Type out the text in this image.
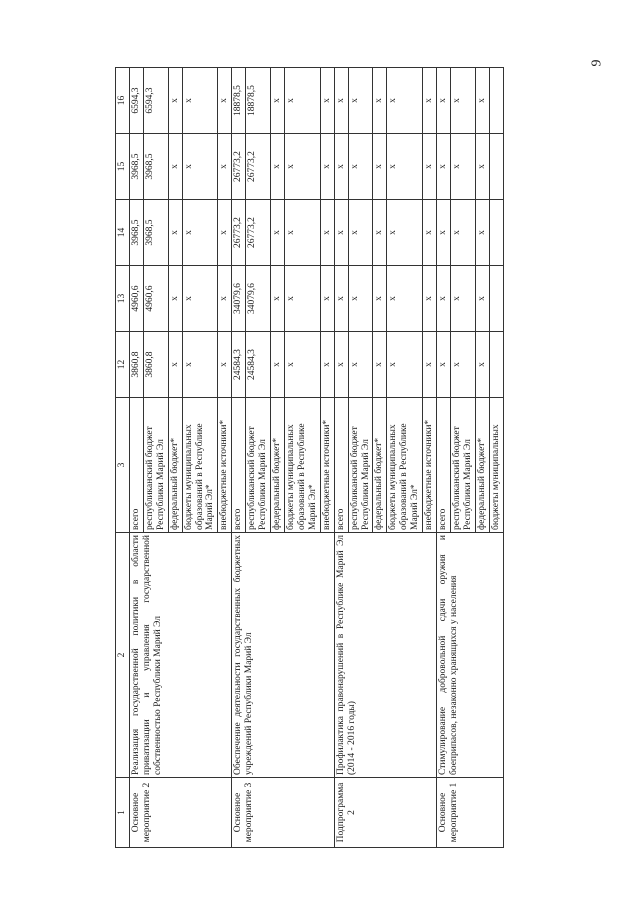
9
1	2	3	12	13	14	15	16
Основное мероприятие 2	Реализация государственной политики в области приватизации и управления государственной собственностью Республики Марий Эл	всего	3860,8	4960,6	3968,5	3968,5	6594,3
		республиканский бюджет Республики Марий Эл	3860,8	4960,6	3968,5	3968,5	6594,3
		федеральный бюджет*	x	x	x	x	x
		бюджеты муниципальных образований в Республике Марий Эл*	x	x	x	x	x
		внебюджетные источники*	x	x	x	x	x
Основное мероприятие 3	Обеспечение деятельности государственных бюджетных учреждений Республики Марий Эл	всего	24584,3	34079,6	26773,2	26773,2	18878,5
		республиканский бюджет Республики Марий Эл	24584,3	34079,6	26773,2	26773,2	18878,5
		федеральный бюджет*	x	x	x	x	x
		бюджеты муниципальных образований в Республике Марий Эл*	x	x	x	x	x
		внебюджетные источники*	x	x	x	x	x
Подпрограмма 2	Профилактика правонарушений в Республике Марий Эл (2014 - 2016 годы)	всего	x	x	x	x	x
		республиканский бюджет Республики Марий Эл	x	x	x	x	x
		федеральный бюджет*	x	x	x	x	x
		бюджеты муниципальных образований в Республике Марий Эл*	x	x	x	x	x
		внебюджетные источники*	x	x	x	x	x
Основное мероприятие 1	Стимулирование добровольной сдачи оружия и боеприпасов, незаконно хранящихся у населения	всего	x	x	x	x	x
		республиканский бюджет Республики Марий Эл	x	x	x	x	x
		федеральный бюджет*	x	x	x	x	x
		бюджеты муниципальных					
